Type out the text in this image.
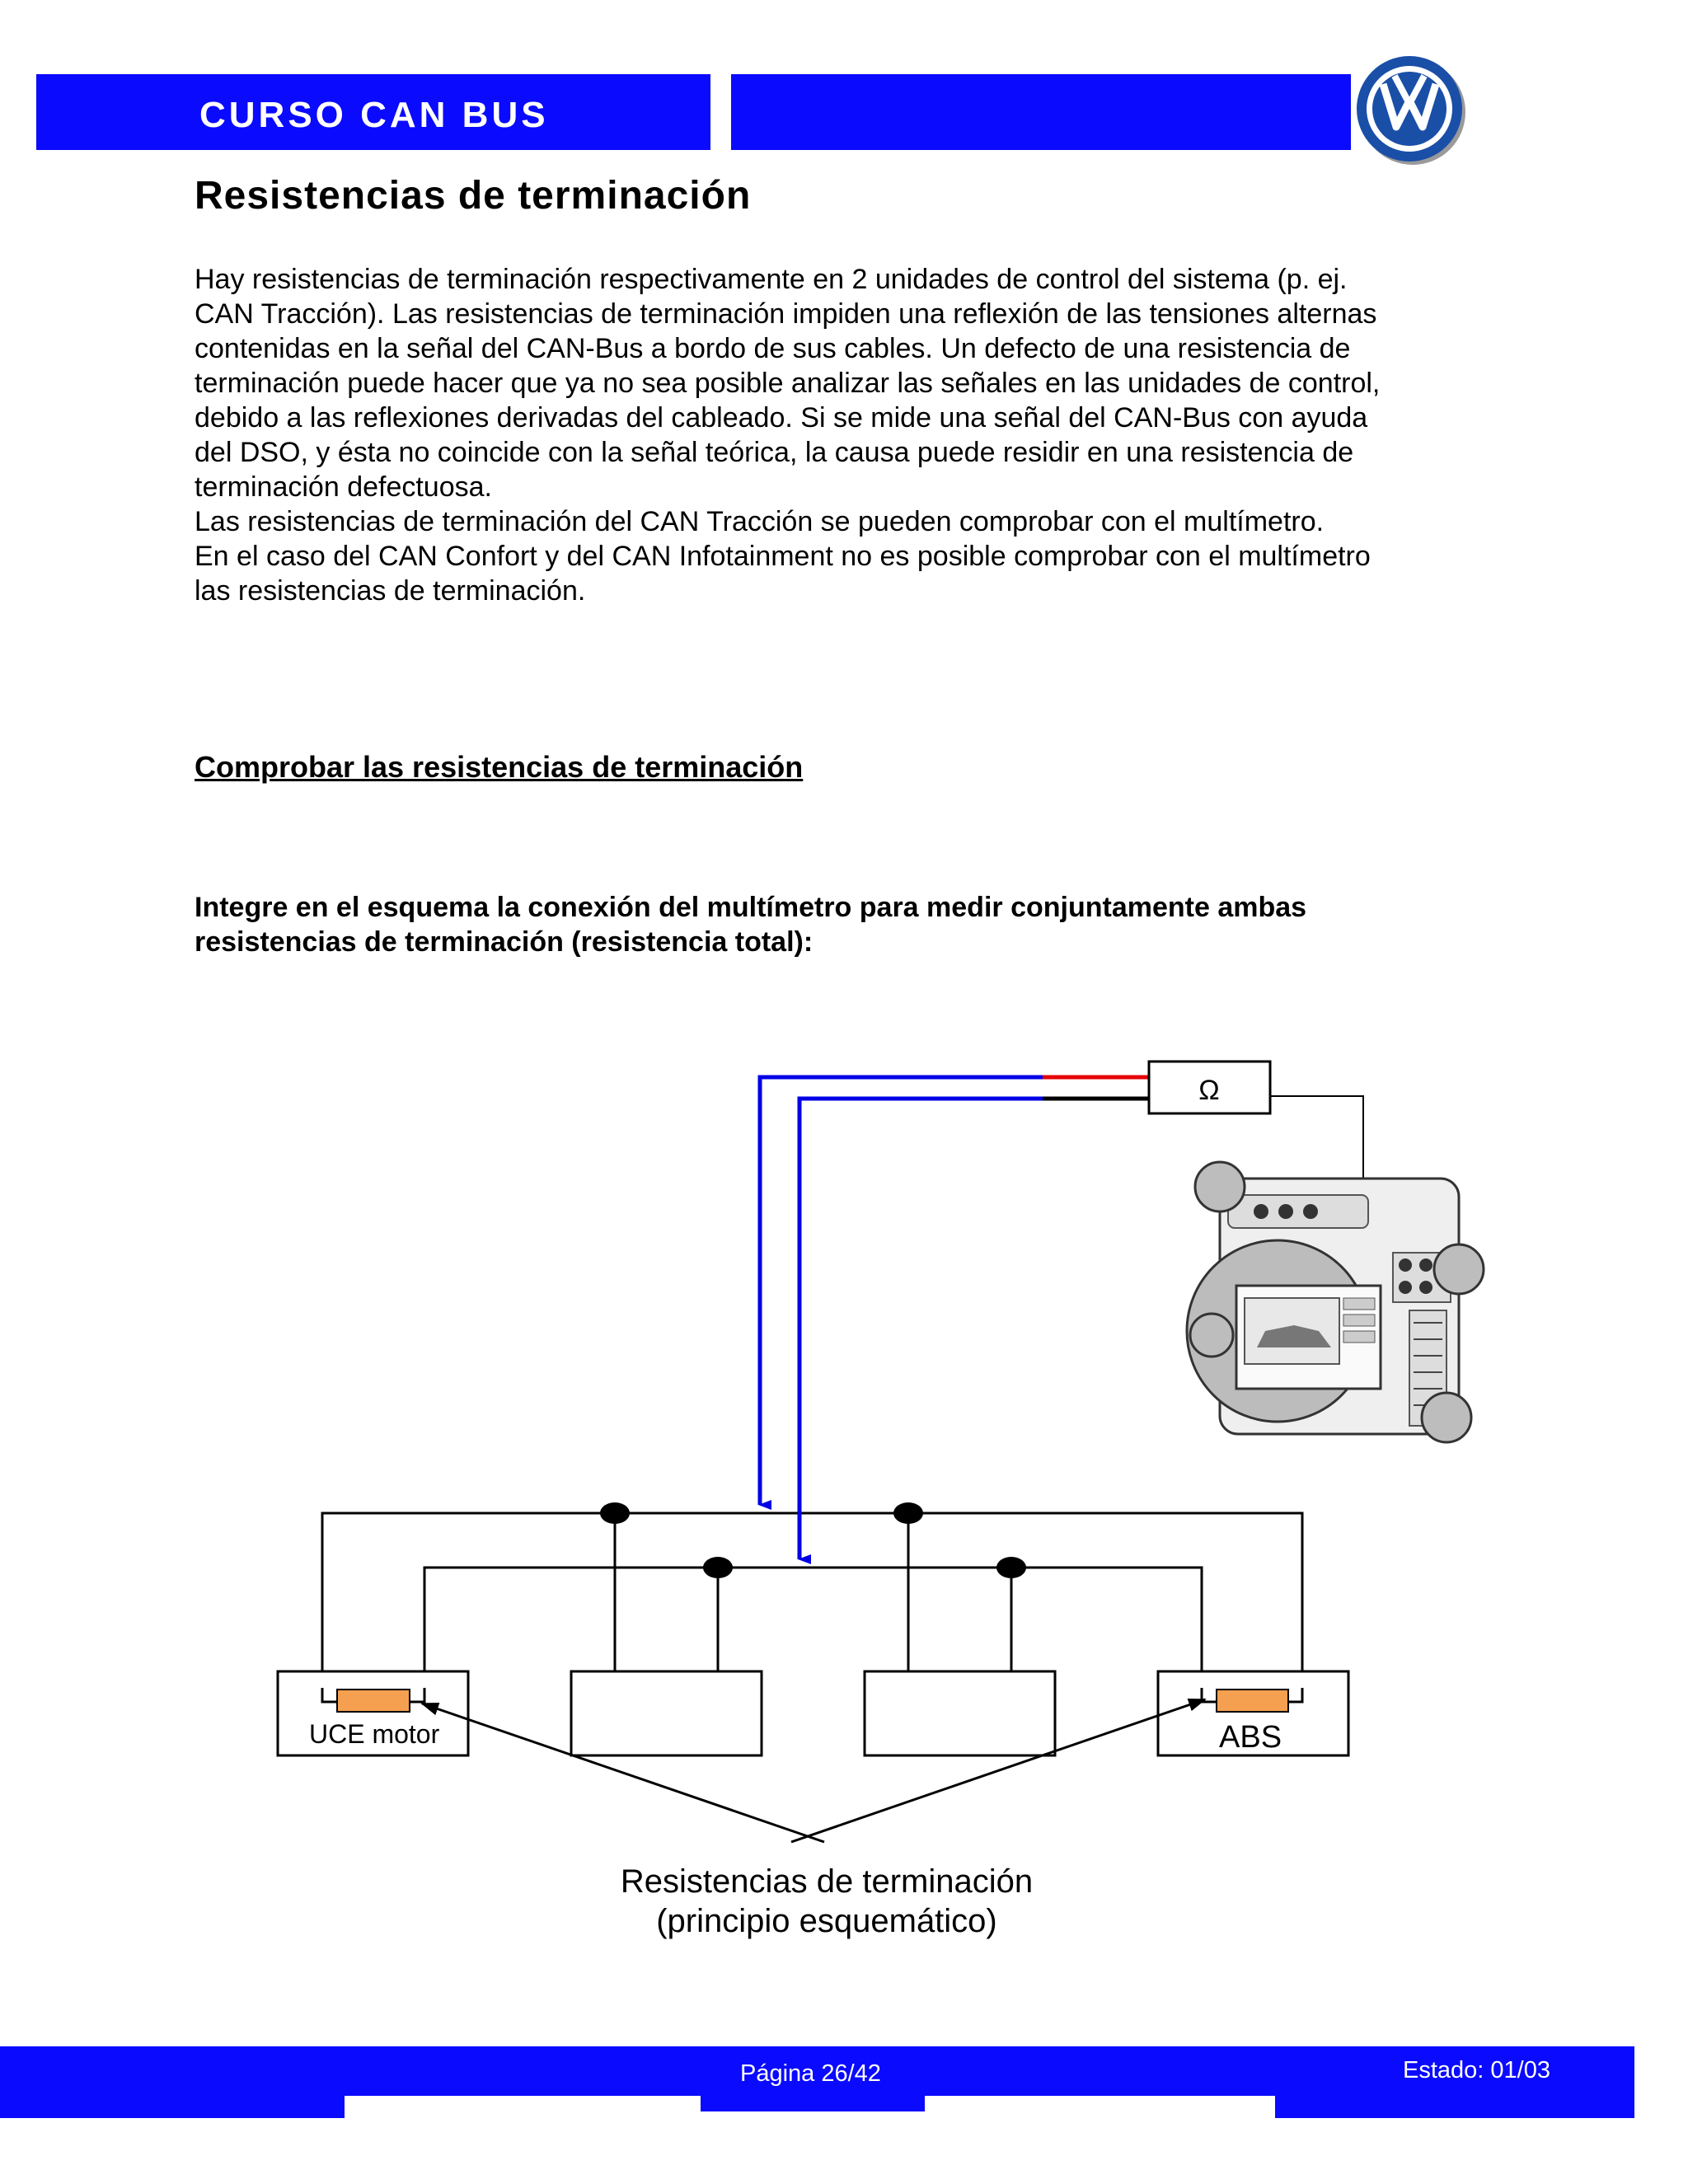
CURSO CAN BUS
Resistencias de terminación
Hay resistencias de terminación respectivamente en 2 unidades de control del sistema (p. ej.
CAN Tracción). Las resistencias de terminación impiden una reflexión de las tensiones alternas
contenidas en la señal del CAN-Bus a bordo de sus cables. Un defecto de una resistencia de
terminación puede hacer que ya no sea posible analizar las señales en las unidades de control,
debido a las reflexiones derivadas del cableado. Si se mide una señal del CAN-Bus con ayuda
del DSO, y ésta no coincide con la señal teórica, la causa puede residir en una resistencia de
terminación defectuosa.
Las resistencias de terminación del CAN Tracción se pueden comprobar con el multímetro.
En el caso del CAN Confort y del CAN Infotainment no es posible comprobar con el multímetro
las resistencias de terminación.
Comprobar las resistencias de terminación
Integre en el esquema la conexión del multímetro para medir conjuntamente ambas
resistencias de terminación (resistencia total):
UCE motor	ABS
Ω
Resistencias de terminación
(principio esquemático)
Página 26/42	Estado: 01/03
